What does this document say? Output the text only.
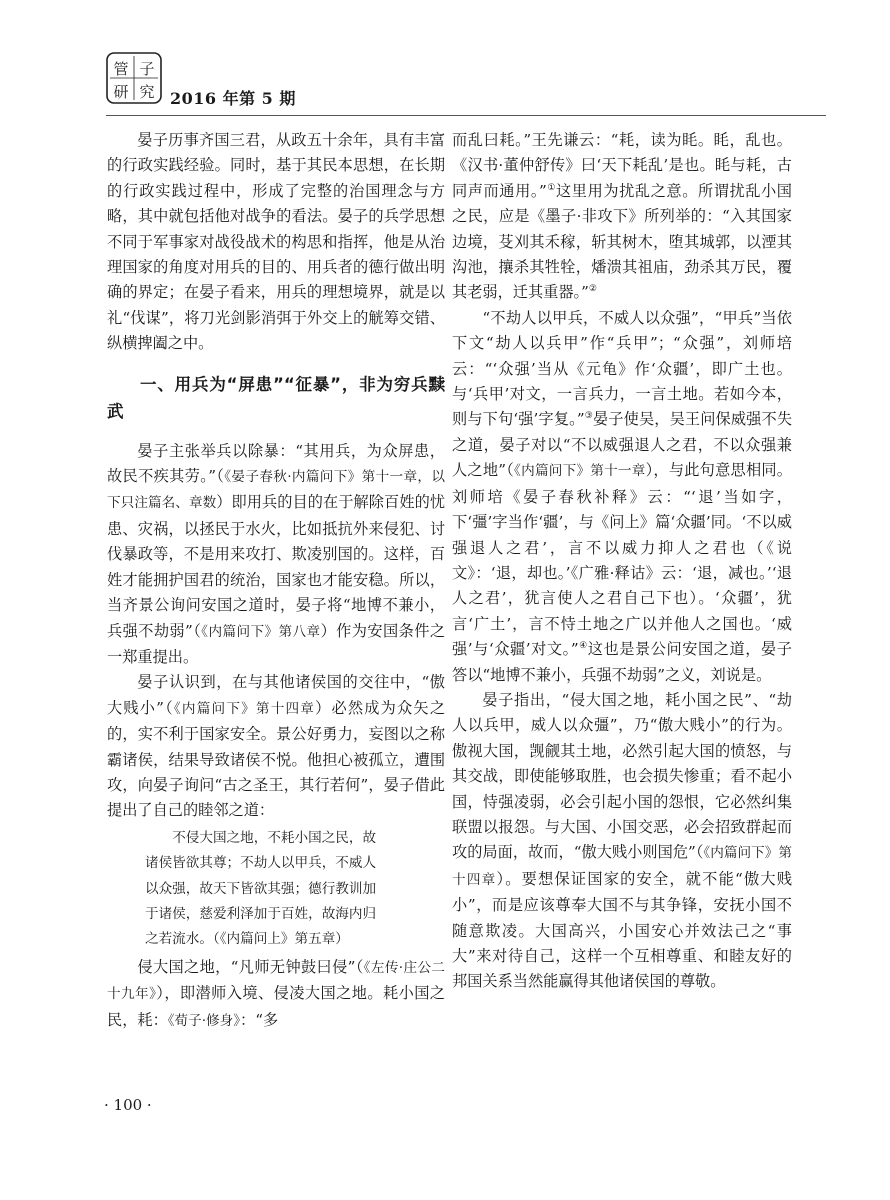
管 子
研 究 2016 年第 5 期

晏子历事齐国三君，从政五十余年，具有丰富的行政实践经验。同时，基于其民本思想，在长期的行政实践过程中，形成了完整的治国理念与方略，其中就包括他对战争的看法。晏子的兵学思想不同于军事家对战役战术的构思和指挥，他是从治理国家的角度对用兵的目的、用兵者的德行做出明确的界定；在晏子看来，用兵的理想境界，就是以礼“伐谋”，将刀光剑影消弭于外交上的觥筹交错、纵横捭阖之中。

一、用兵为“屏患”“征暴”，非为穷兵黩武

晏子主张举兵以除暴：“其用兵，为众屏患，故民不疾其劳。”（《晏子春秋·内篇问下》第十一章，以下只注篇名、章数）即用兵的目的在于解除百姓的忧患、灾祸，以拯民于水火，比如抵抗外来侵犯、讨伐暴政等，不是用来攻打、欺凌别国的。这样，百姓才能拥护国君的统治，国家也才能安稳。所以，当齐景公询问安国之道时，晏子将“地博不兼小，兵强不劫弱”（《内篇问下》第八章）作为安国条件之一郑重提出。

晏子认识到，在与其他诸侯国的交往中，“傲大贱小”（《内篇问下》第十四章）必然成为众矢之的，实不利于国家安全。景公好勇力，妄图以之称霸诸侯，结果导致诸侯不悦。他担心被孤立，遭围攻，向晏子询问“古之圣王，其行若何”，晏子借此提出了自己的睦邻之道：

不侵大国之地，不耗小国之民，故
诸侯皆欲其尊；不劫人以甲兵，不威人
以众强，故天下皆欲其强；德行教训加
于诸侯，慈爱利泽加于百姓，故海内归
之若流水。（《内篇问上》第五章）

侵大国之地，“凡师无钟鼓曰侵”（《左传·庄公二十九年》），即潜师入境、侵凌大国之地。耗小国之民，耗：《荀子·修身》：“多

而乱曰耗。”王先谦云：“耗，读为眊。眊，乱也。《汉书·董仲舒传》曰‘天下耗乱’是也。眊与耗，古同声而通用。”①这里用为扰乱之意。所谓扰乱小国之民，应是《墨子·非攻下》所列举的：“入其国家边境，芟刈其禾稼，斩其树木，堕其城郭，以湮其沟池，攘杀其牲牷，燔溃其祖庙，劲杀其万民，覆其老弱，迁其重器。”②

“不劫人以甲兵，不威人以众强”，“甲兵”当依下文“劫人以兵甲”作“兵甲”；“众强”，刘师培云：“‘众强’当从《元龟》作‘众疆’，即广土也。与‘兵甲’对文，一言兵力，一言土地。若如今本，则与下句‘强’字复。”③晏子使吴，吴王问保威强不失之道，晏子对以“不以威强退人之君，不以众强兼人之地”（《内篇问下》第十一章），与此句意思相同。刘师培《晏子春秋补释》云：“‘退’当如字，下‘彊’字当作‘疆’，与《问上》篇‘众疆’同。‘不以威强退人之君’，言不以威力抑人之君也（《说文》：‘退，却也。’《广雅·释诂》云：‘退，减也。’‘退人之君’，犹言使人之君自己下也）。‘众疆’，犹言‘广土’，言不恃土地之广以并他人之国也。‘威强’与‘众疆’对文。”④这也是景公问安国之道，晏子答以“地博不兼小，兵强不劫弱”之义，刘说是。

晏子指出，“侵大国之地，耗小国之民”、“劫人以兵甲，威人以众彊”，乃“傲大贱小”的行为。傲视大国，觊觎其土地，必然引起大国的愤怒，与其交战，即使能够取胜，也会损失惨重；看不起小国，恃强凌弱，必会引起小国的怨恨，它必然纠集联盟以报怨。与大国、小国交恶，必会招致群起而攻的局面，故而，“傲大贱小则国危”（《内篇问下》第十四章）。要想保证国家的安全，就不能“傲大贱小”，而是应该尊奉大国不与其争锋，安抚小国不随意欺凌。大国高兴，小国安心并效法己之“事大”来对待自己，这样一个互相尊重、和睦友好的邦国关系当然能赢得其他诸侯国的尊敬。

· 100 ·
